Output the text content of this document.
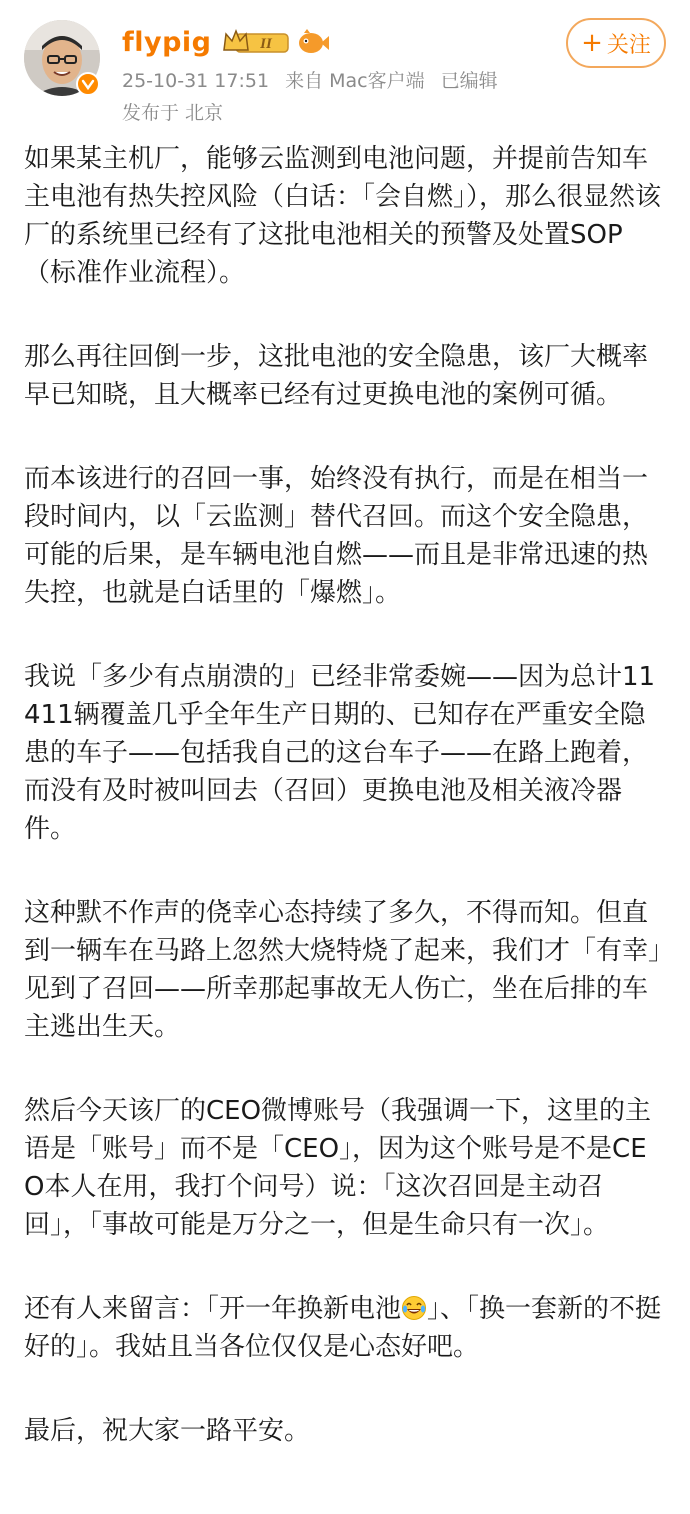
flypig	II
25-10-31 17:51 来自 Mac客户端 已编辑
发布于 北京
+ 关注

如果某主机厂，能够云监测到电池问题，并提前告知车主电池有热失控风险（白话：「会自燃」），那么很显然该厂的系统里已经有了这批电池相关的预警及处置SOP（标准作业流程）。

那么再往回倒一步，这批电池的安全隐患，该厂大概率早已知晓，且大概率已经有过更换电池的案例可循。

而本该进行的召回一事，始终没有执行，而是在相当一段时间内，以「云监测」替代召回。而这个安全隐患，可能的后果，是车辆电池自燃——而且是非常迅速的热失控，也就是白话里的「爆燃」。

我说「多少有点崩溃的」已经非常委婉——因为总计11411辆覆盖几乎全年生产日期的、已知存在严重安全隐患的车子——包括我自己的这台车子——在路上跑着，而没有及时被叫回去（召回）更换电池及相关液冷器件。

这种默不作声的侥幸心态持续了多久，不得而知。但直到一辆车在马路上忽然大烧特烧了起来，我们才「有幸」见到了召回——所幸那起事故无人伤亡，坐在后排的车主逃出生天。

然后今天该厂的CEO微博账号（我强调一下，这里的主语是「账号」而不是「CEO」，因为这个账号是不是CEO本人在用，我打个问号）说：「这次召回是主动召回」，「事故可能是万分之一，但是生命只有一次」。

还有人来留言：「开一年换新电池 」、「换一套新的不挺好的」。我姑且当各位仅仅是心态好吧。

最后，祝大家一路平安。
